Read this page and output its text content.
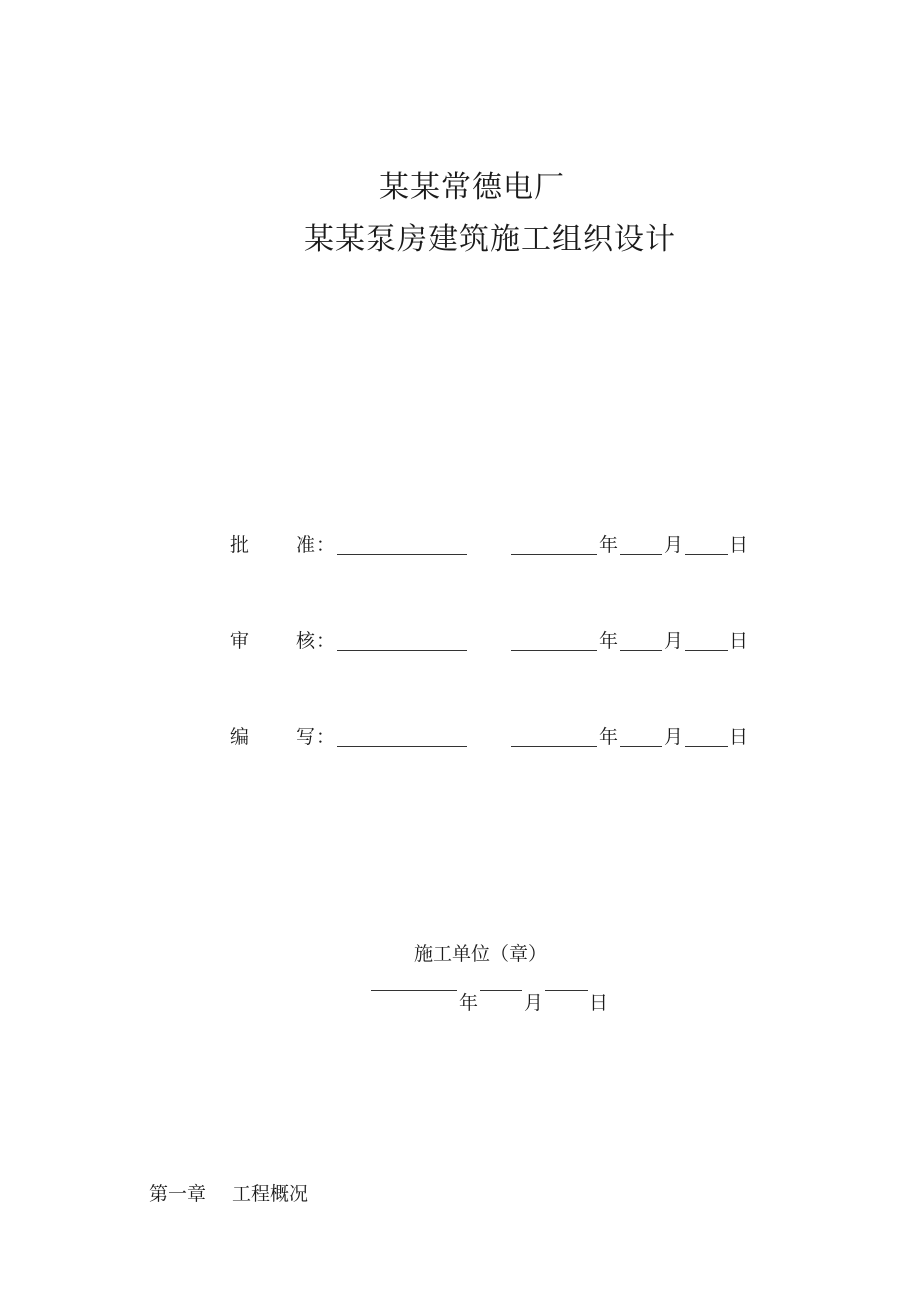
某某常德电厂
某某泵房建筑施工组织设计
批 准 ：	年 月 日
审 核 ：	年 月 日
编 写 ：	年 月 日
施工单位（章）
年 月 日
第一章 工程概况
